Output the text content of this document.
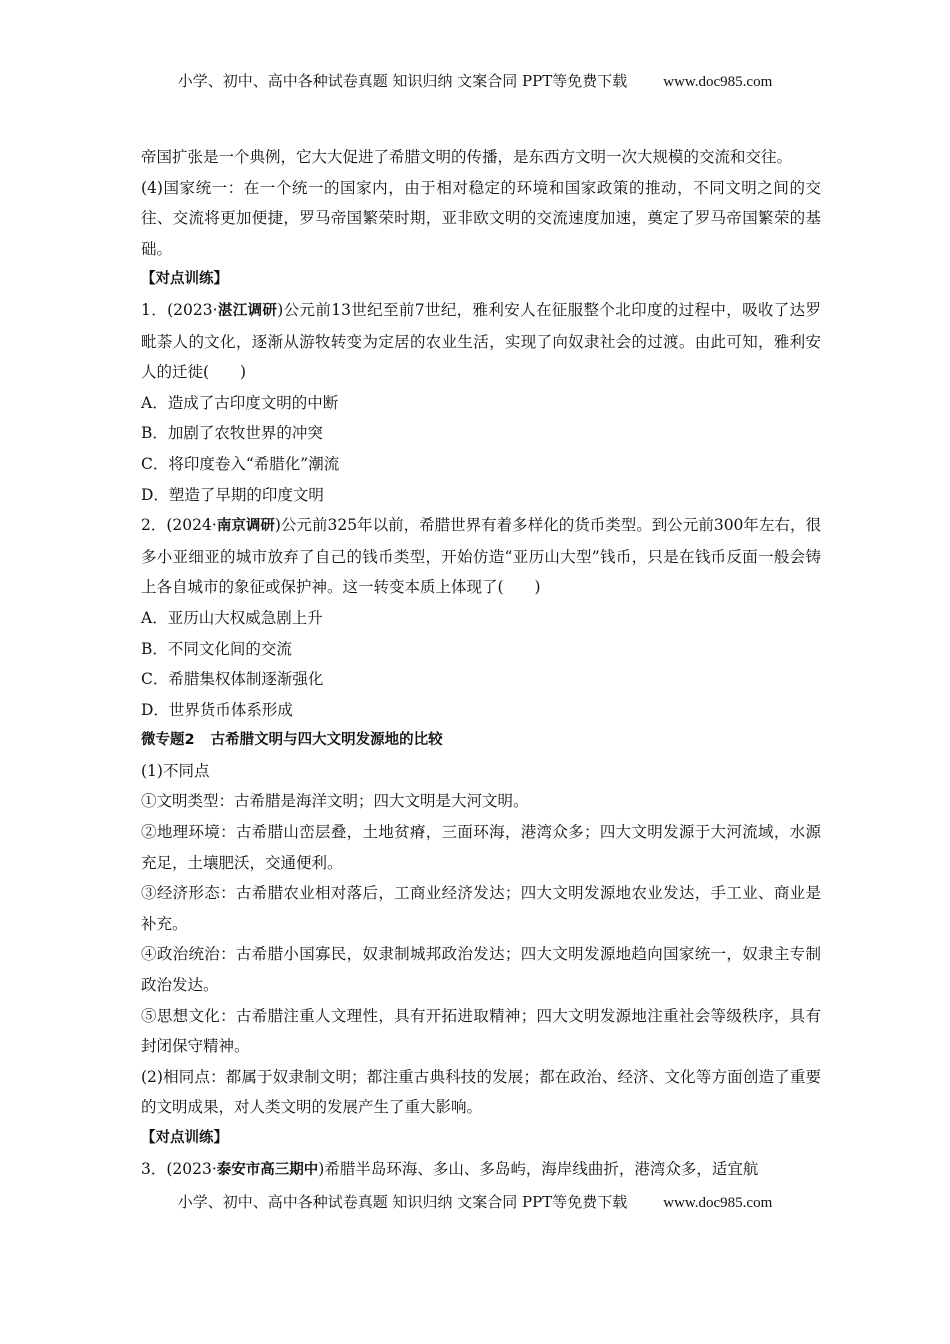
小学、初中、高中各种试卷真题 知识归纳 文案合同 PPT等免费下载 www.doc985.com

帝国扩张是一个典例，它大大促进了希腊文明的传播，是东西方文明一次大规模的交流和交往。

(4)国家统一：在一个统一的国家内，由于相对稳定的环境和国家政策的推动，不同文明之间的交往、交流将更加便捷，罗马帝国繁荣时期，亚非欧文明的交流速度加速，奠定了罗马帝国繁荣的基础。

【对点训练】

1．(2023·湛江调研)公元前13世纪至前7世纪，雅利安人在征服整个北印度的过程中，吸收了达罗毗荼人的文化，逐渐从游牧转变为定居的农业生活，实现了向奴隶社会的过渡。由此可知，雅利安人的迁徙(　　)

A．造成了古印度文明的中断

B．加剧了农牧世界的冲突

C．将印度卷入“希腊化”潮流

D．塑造了早期的印度文明

2．(2024·南京调研)公元前325年以前，希腊世界有着多样化的货币类型。到公元前300年左右，很多小亚细亚的城市放弃了自己的钱币类型，开始仿造“亚历山大型”钱币，只是在钱币反面一般会铸上各自城市的象征或保护神。这一转变本质上体现了(　　)

A．亚历山大权威急剧上升

B．不同文化间的交流

C．希腊集权体制逐渐强化

D．世界货币体系形成

微专题2 古希腊文明与四大文明发源地的比较

(1)不同点

①文明类型：古希腊是海洋文明；四大文明是大河文明。

②地理环境：古希腊山峦层叠，土地贫瘠，三面环海，港湾众多；四大文明发源于大河流域，水源充足，土壤肥沃，交通便利。

③经济形态：古希腊农业相对落后，工商业经济发达；四大文明发源地农业发达，手工业、商业是补充。

④政治统治：古希腊小国寡民，奴隶制城邦政治发达；四大文明发源地趋向国家统一，奴隶主专制政治发达。

⑤思想文化：古希腊注重人文理性，具有开拓进取精神；四大文明发源地注重社会等级秩序，具有封闭保守精神。

(2)相同点：都属于奴隶制文明；都注重古典科技的发展；都在政治、经济、文化等方面创造了重要的文明成果，对人类文明的发展产生了重大影响。

【对点训练】

3．(2023·泰安市高三期中)希腊半岛环海、多山、多岛屿，海岸线曲折，港湾众多，适宜航

小学、初中、高中各种试卷真题 知识归纳 文案合同 PPT等免费下载 www.doc985.com
